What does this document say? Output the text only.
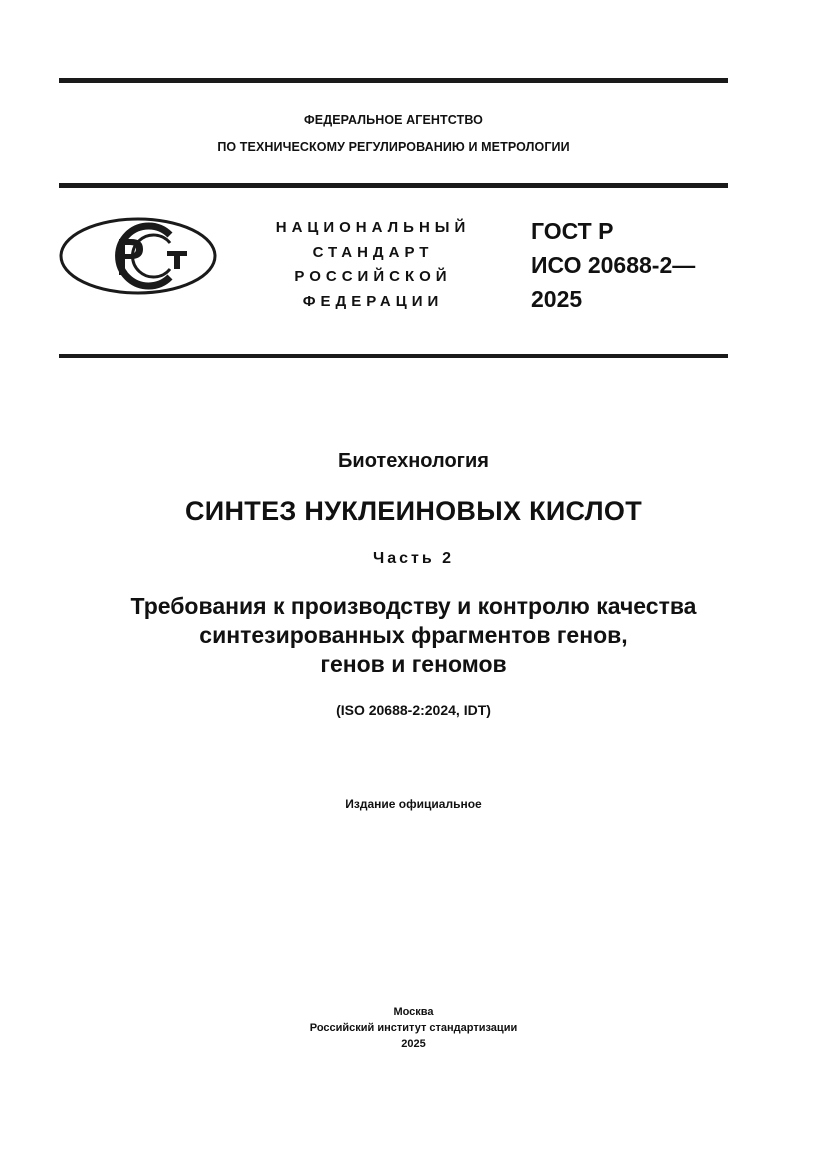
ФЕДЕРАЛЬНОЕ АГЕНТСТВО
ПО ТЕХНИЧЕСКОМУ РЕГУЛИРОВАНИЮ И МЕТРОЛОГИИ
НАЦИОНАЛЬНЫЙ
СТАНДАРТ
РОССИЙСКОЙ
ФЕДЕРАЦИИ
ГОСТ Р
ИСО 20688-2—
2025
Биотехнология
СИНТЕЗ НУКЛЕИНОВЫХ КИСЛОТ
Часть 2
Требования к производству и контролю качества
синтезированных фрагментов генов,
генов и геномов
(ISO 20688-2:2024, IDT)
Издание официальное
Москва
Российский институт стандартизации
2025
